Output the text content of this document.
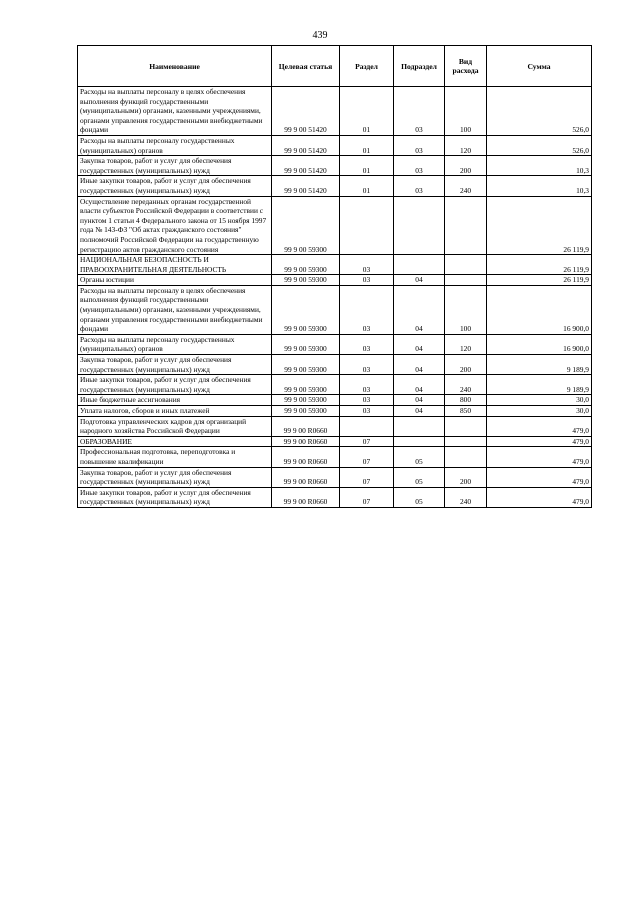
439
Наименование	Целевая статья	Раздел	Подраздел	Вид расхода	Сумма
Расходы на выплаты персоналу в целях обеспечения выполнения функций государственными (муниципальными) органами, казенными учреждениями, органами управления государственными внебюджетными фондами	99 9 00 51420	01	03	100	526,0
Расходы на выплаты персоналу государственных (муниципальных) органов	99 9 00 51420	01	03	120	526,0
Закупка товаров, работ и услуг для обеспечения государственных (муниципальных) нужд	99 9 00 51420	01	03	200	10,3
Иные закупки товаров, работ и услуг для обеспечения государственных (муниципальных) нужд	99 9 00 51420	01	03	240	10,3
Осуществление переданных органам государственной власти субъектов Российской Федерации в соответствии с пунктом 1 статьи 4 Федерального закона от 15 ноября 1997 года № 143-ФЗ "Об актах гражданского состояния" полномочий Российской Федерации на государственную регистрацию актов гражданского состояния	99 9 00 59300				26 119,9
НАЦИОНАЛЬНАЯ БЕЗОПАСНОСТЬ И ПРАВООХРАНИТЕЛЬНАЯ ДЕЯТЕЛЬНОСТЬ	99 9 00 59300	03			26 119,9
Органы юстиции	99 9 00 59300	03	04		26 119,9
Расходы на выплаты персоналу в целях обеспечения выполнения функций государственными (муниципальными) органами, казенными учреждениями, органами управления государственными внебюджетными фондами	99 9 00 59300	03	04	100	16 900,0
Расходы на выплаты персоналу государственных (муниципальных) органов	99 9 00 59300	03	04	120	16 900,0
Закупка товаров, работ и услуг для обеспечения государственных (муниципальных) нужд	99 9 00 59300	03	04	200	9 189,9
Иные закупки товаров, работ и услуг для обеспечения государственных (муниципальных) нужд	99 9 00 59300	03	04	240	9 189,9
Иные бюджетные ассигнования	99 9 00 59300	03	04	800	30,0
Уплата налогов, сборов и иных платежей	99 9 00 59300	03	04	850	30,0
Подготовка управленческих кадров для организаций народного хозяйства Российской Федерации	99 9 00 R0660				479,0
ОБРАЗОВАНИЕ	99 9 00 R0660	07			479,0
Профессиональная подготовка, переподготовка и повышение квалификации	99 9 00 R0660	07	05		479,0
Закупка товаров, работ и услуг для обеспечения государственных (муниципальных) нужд	99 9 00 R0660	07	05	200	479,0
Иные закупки товаров, работ и услуг для обеспечения государственных (муниципальных) нужд	99 9 00 R0660	07	05	240	479,0
